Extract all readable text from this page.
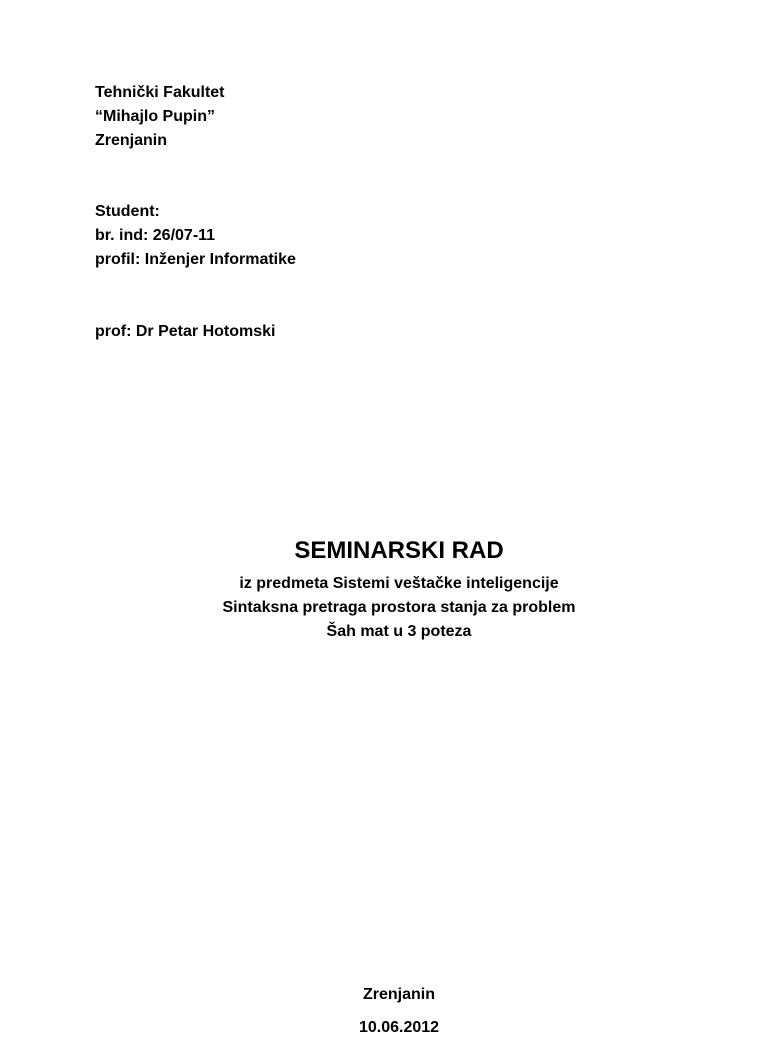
Tehnički Fakultet
“Mihajlo Pupin”
Zrenjanin
Student:
br. ind: 26/07-11
profil: Inženjer Informatike
prof: Dr Petar Hotomski
SEMINARSKI RAD
iz predmeta Sistemi veštačke inteligencije
Sintaksna pretraga prostora stanja za problem
Šah mat u 3 poteza
Zrenjanin
10.06.2012
